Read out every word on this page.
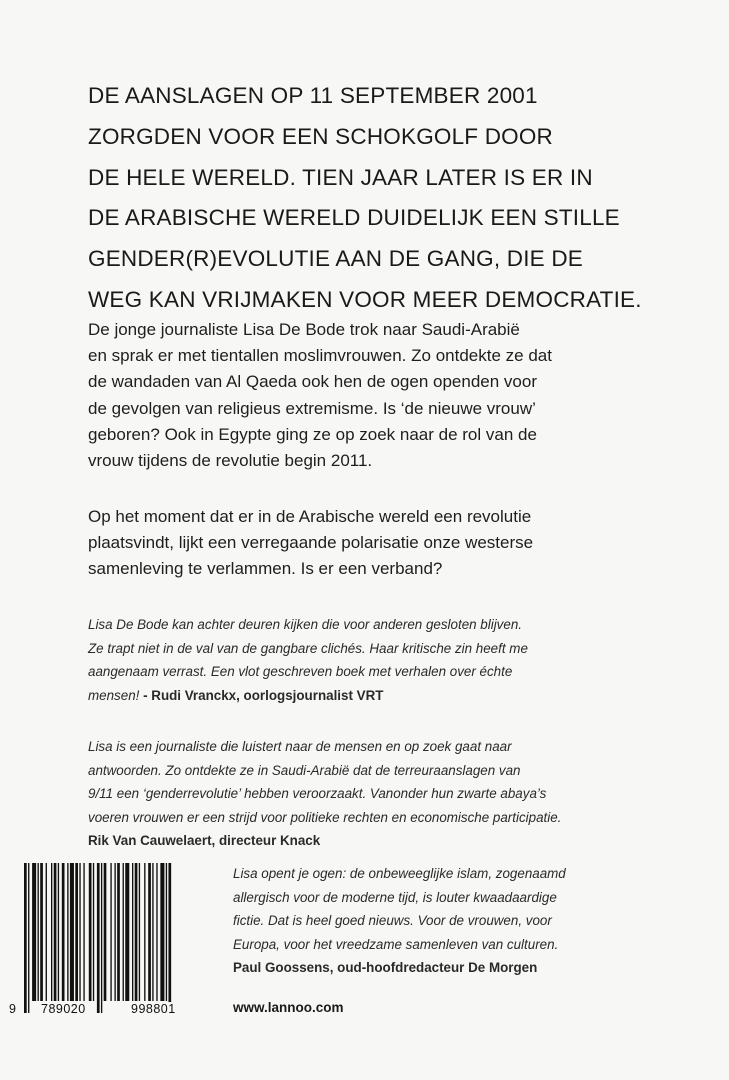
DE AANSLAGEN OP 11 SEPTEMBER 2001
ZORGDEN VOOR EEN SCHOKGOLF DOOR
DE HELE WERELD. TIEN JAAR LATER IS ER IN
DE ARABISCHE WERELD DUIDELIJK EEN STILLE
GENDER(R)EVOLUTIE AAN DE GANG, DIE DE
WEG KAN VRIJMAKEN VOOR MEER DEMOCRATIE.

De jonge journaliste Lisa De Bode trok naar Saudi-Arabië
en sprak er met tientallen moslimvrouwen. Zo ontdekte ze dat
de wandaden van Al Qaeda ook hen de ogen openden voor
de gevolgen van religieus extremisme. Is ‘de nieuwe vrouw’
geboren? Ook in Egypte ging ze op zoek naar de rol van de
vrouw tijdens de revolutie begin 2011.

Op het moment dat er in de Arabische wereld een revolutie
plaatsvindt, lijkt een verregaande polarisatie onze westerse
samenleving te verlammen. Is er een verband?

Lisa De Bode kan achter deuren kijken die voor anderen gesloten blijven.
Ze trapt niet in de val van de gangbare clichés. Haar kritische zin heeft me
aangenaam verrast. Een vlot geschreven boek met verhalen over échte
mensen! - Rudi Vranckx, oorlogsjournalist VRT
Lisa is een journaliste die luistert naar de mensen en op zoek gaat naar
antwoorden. Zo ontdekte ze in Saudi-Arabië dat de terreuraanslagen van
9/11 een ‘genderrevolutie’ hebben veroorzaakt. Vanonder hun zwarte abaya’s
voeren vrouwen er een strijd voor politieke rechten en economische participatie.
Rik Van Cauwelaert, directeur Knack
9 789020	998801
Lisa opent je ogen: de onbeweeglijke islam, zogenaamd
allergisch voor de moderne tijd, is louter kwaadaardige
fictie. Dat is heel goed nieuws. Voor de vrouwen, voor
Europa, voor het vreedzame samenleven van culturen.
Paul Goossens, oud-hoofdredacteur De Morgen
www.lannoo.com
